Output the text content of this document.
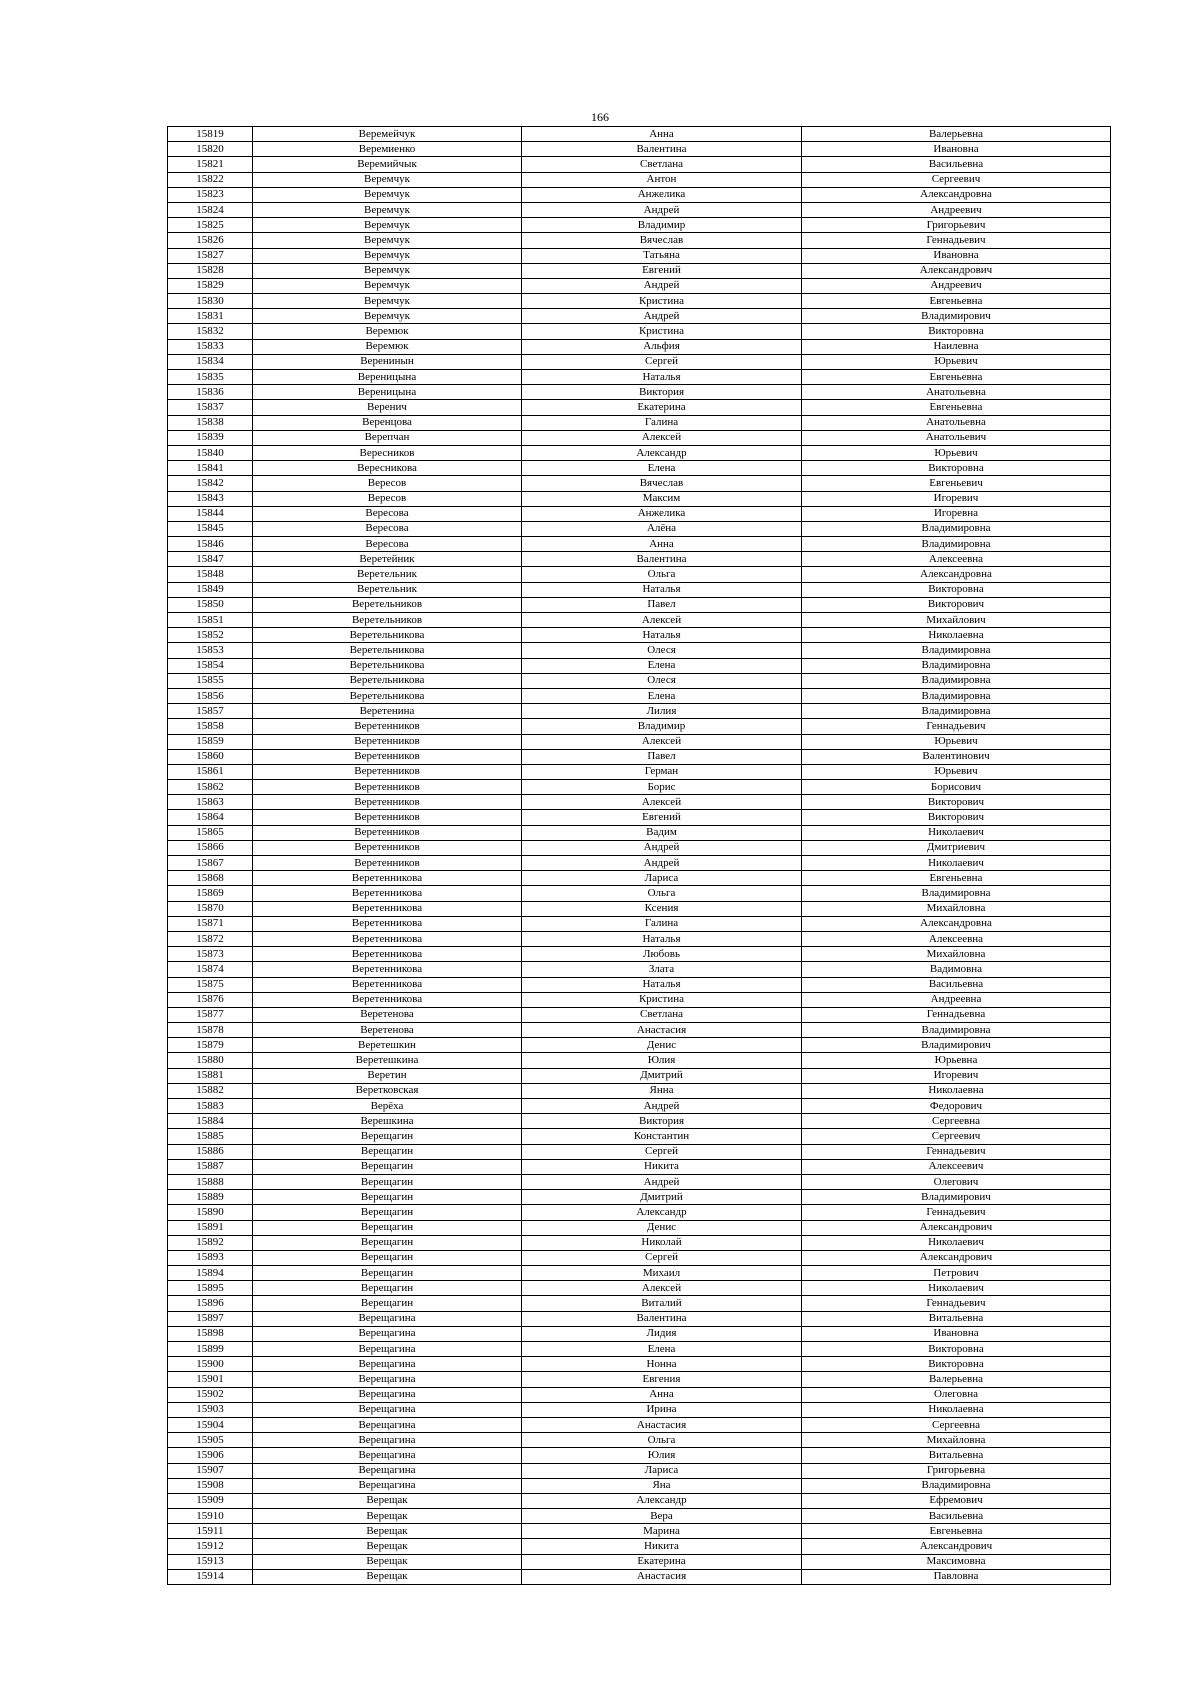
166
15819	Веремейчук	Анна	Валерьевна
15820	Веремиенко	Валентина	Ивановна
15821	Веремийчык	Светлана	Васильевна
15822	Веремчук	Антон	Сергеевич
15823	Веремчук	Анжелика	Александровна
15824	Веремчук	Андрей	Андреевич
15825	Веремчук	Владимир	Григорьевич
15826	Веремчук	Вячеслав	Геннадьевич
15827	Веремчук	Татьяна	Ивановна
15828	Веремчук	Евгений	Александрович
15829	Веремчук	Андрей	Андреевич
15830	Веремчук	Кристина	Евгеньевна
15831	Веремчук	Андрей	Владимирович
15832	Веремюк	Кристина	Викторовна
15833	Веремюк	Альфия	Наилевна
15834	Веренинын	Сергей	Юрьевич
15835	Вереницына	Наталья	Евгеньевна
15836	Вереницына	Виктория	Анатольевна
15837	Веренич	Екатерина	Евгеньевна
15838	Веренцова	Галина	Анатольевна
15839	Верепчан	Алексей	Анатольевич
15840	Вересников	Александр	Юрьевич
15841	Вересникова	Елена	Викторовна
15842	Вересов	Вячеслав	Евгеньевич
15843	Вересов	Максим	Игоревич
15844	Вересова	Анжелика	Игоревна
15845	Вересова	Алёна	Владимировна
15846	Вересова	Анна	Владимировна
15847	Веретейник	Валентина	Алексеевна
15848	Веретельник	Ольга	Александровна
15849	Веретельник	Наталья	Викторовна
15850	Веретельников	Павел	Викторович
15851	Веретельников	Алексей	Михайлович
15852	Веретельникова	Наталья	Николаевна
15853	Веретельникова	Олеся	Владимировна
15854	Веретельникова	Елена	Владимировна
15855	Веретельникова	Олеся	Владимировна
15856	Веретельникова	Елена	Владимировна
15857	Веретенина	Лилия	Владимировна
15858	Веретенников	Владимир	Геннадьевич
15859	Веретенников	Алексей	Юрьевич
15860	Веретенников	Павел	Валентинович
15861	Веретенников	Герман	Юрьевич
15862	Веретенников	Борис	Борисович
15863	Веретенников	Алексей	Викторович
15864	Веретенников	Евгений	Викторович
15865	Веретенников	Вадим	Николаевич
15866	Веретенников	Андрей	Дмитриевич
15867	Веретенников	Андрей	Николаевич
15868	Веретенникова	Лариса	Евгеньевна
15869	Веретенникова	Ольга	Владимировна
15870	Веретенникова	Ксения	Михайловна
15871	Веретенникова	Галина	Александровна
15872	Веретенникова	Наталья	Алексеевна
15873	Веретенникова	Любовь	Михайловна
15874	Веретенникова	Злата	Вадимовна
15875	Веретенникова	Наталья	Васильевна
15876	Веретенникова	Кристина	Андреевна
15877	Веретенова	Светлана	Геннадьевна
15878	Веретенова	Анастасия	Владимировна
15879	Веретешкин	Денис	Владимирович
15880	Веретешкина	Юлия	Юрьевна
15881	Веретин	Дмитрий	Игоревич
15882	Веретковская	Янна	Николаевна
15883	Верёха	Андрей	Федорович
15884	Верешкина	Виктория	Сергеевна
15885	Верещагин	Константин	Сергеевич
15886	Верещагин	Сергей	Геннадьевич
15887	Верещагин	Никита	Алексеевич
15888	Верещагин	Андрей	Олегович
15889	Верещагин	Дмитрий	Владимирович
15890	Верещагин	Александр	Геннадьевич
15891	Верещагин	Денис	Александрович
15892	Верещагин	Николай	Николаевич
15893	Верещагин	Сергей	Александрович
15894	Верещагин	Михаил	Петрович
15895	Верещагин	Алексей	Николаевич
15896	Верещагин	Виталий	Геннадьевич
15897	Верещагина	Валентина	Витальевна
15898	Верещагина	Лидия	Ивановна
15899	Верещагина	Елена	Викторовна
15900	Верещагина	Нонна	Викторовна
15901	Верещагина	Евгения	Валерьевна
15902	Верещагина	Анна	Олеговна
15903	Верещагина	Ирина	Николаевна
15904	Верещагина	Анастасия	Сергеевна
15905	Верещагина	Ольга	Михайловна
15906	Верещагина	Юлия	Витальевна
15907	Верещагина	Лариса	Григорьевна
15908	Верещагина	Яна	Владимировна
15909	Верещак	Александр	Ефремович
15910	Верещак	Вера	Васильевна
15911	Верещак	Марина	Евгеньевна
15912	Верещак	Никита	Александрович
15913	Верещак	Екатерина	Максимовна
15914	Верещак	Анастасия	Павловна
